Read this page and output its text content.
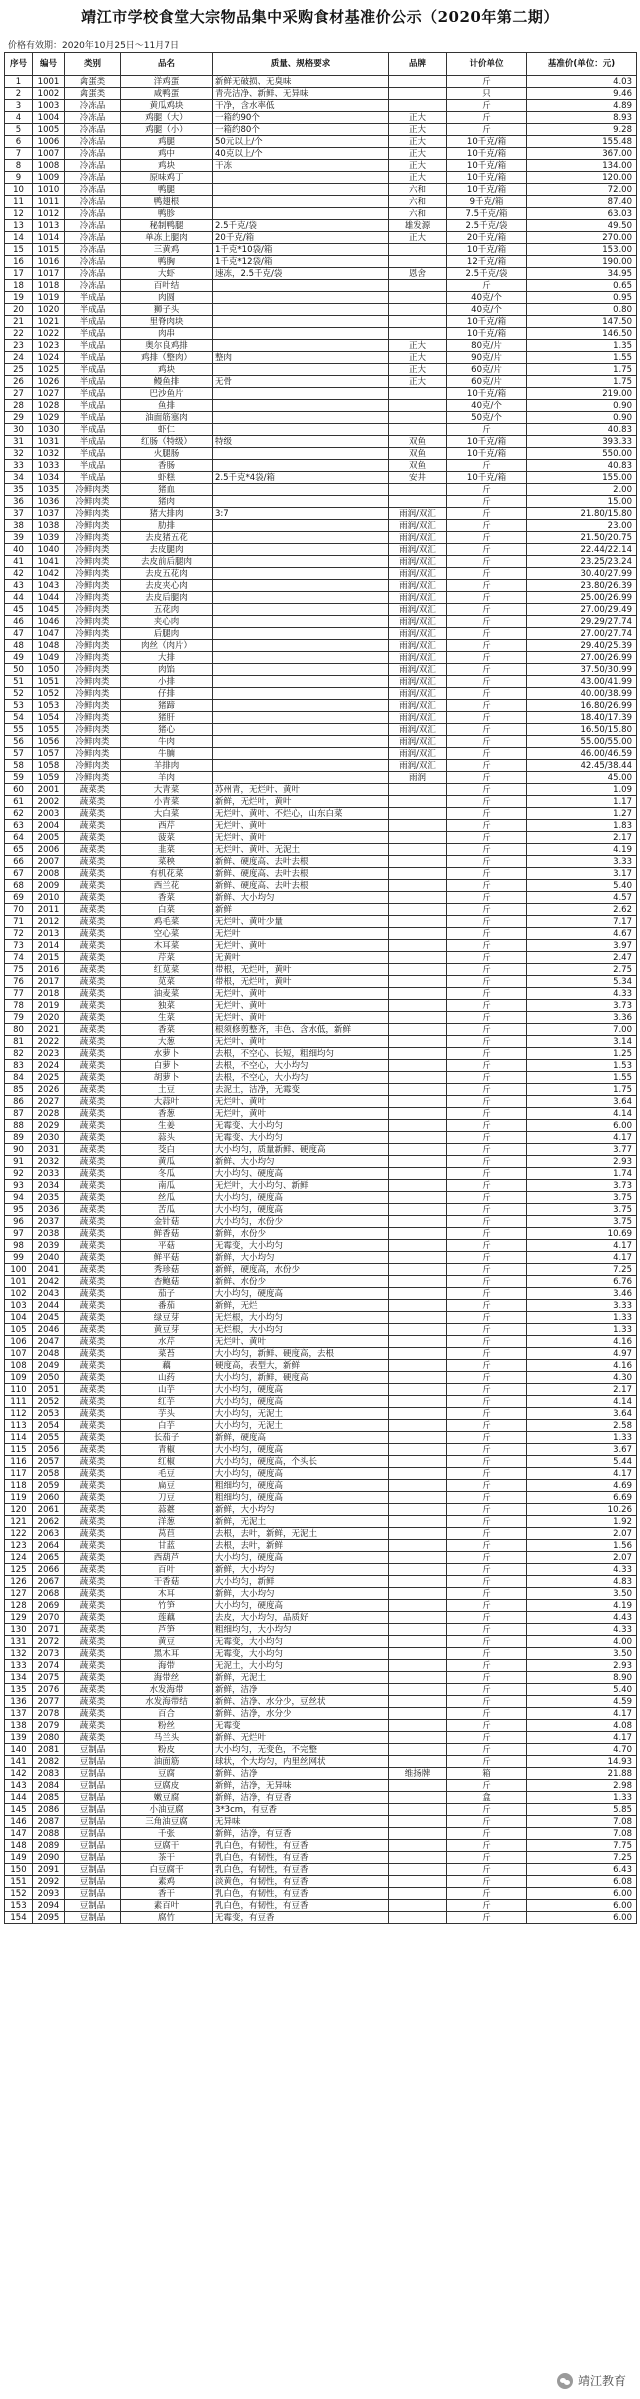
靖江市学校食堂大宗物品集中采购食材基准价公示（2020年第二期）
价格有效期：2020年10月25日～11月7日
序号	编号	类别	品名	质量、规格要求	品牌	计价单位	基准价(单位：元)
1	1001	禽蛋类	洋鸡蛋	新鲜无破损、无臭味		斤	4.03
2	1002	禽蛋类	咸鸭蛋	青壳洁净、新鲜、无异味		只	9.46
3	1003	冷冻品	黄瓜鸡块	干净，含水率低		斤	4.89
4	1004	冷冻品	鸡腿（大）	一箱约90个	正大	斤	8.93
5	1005	冷冻品	鸡腿（小）	一箱约80个	正大	斤	9.28
6	1006	冷冻品	鸡腿	50元以上/个	正大	10千克/箱	155.48
7	1007	冷冻品	鸡中	40克以上/个	正大	10千克/箱	367.00
8	1008	冷冻品	鸡块	干冻	正大	10千克/箱	134.00
9	1009	冷冻品	原味鸡丁		正大	10千克/箱	120.00
10	1010	冷冻品	鸭腿		六和	10千克/箱	72.00
11	1011	冷冻品	鸭翅根		六和	9千克/箱	87.40
12	1012	冷冻品	鸭胗		六和	7.5千克/箱	63.03
13	1013	冷冻品	秘制鸭腿	2.5千克/袋	雄发源	2.5千克/袋	49.50
14	1014	冷冻品	单冻上腿肉	20千克/箱	正大	20千克/箱	270.00
15	1015	冷冻品	三黄鸡	1千克*10袋/箱		10千克/箱	153.00
16	1016	冷冻品	鸭胸	1千克*12袋/箱		12千克/箱	190.00
17	1017	冷冻品	大虾	速冻，2.5千克/袋	恩舍	2.5千克/袋	34.95
18	1018	冷冻品	百叶结			斤	0.65
19	1019	半成品	肉圆			40克/个	0.95
20	1020	半成品	狮子头			40克/个	0.80
21	1021	半成品	里脊肉块			10千克/箱	147.50
22	1022	半成品	肉串			10千克/箱	146.50
23	1023	半成品	奥尔良鸡排		正大	80克/片	1.35
24	1024	半成品	鸡排（整肉）	整肉	正大	90克/片	1.55
25	1025	半成品	鸡块		正大	60克/片	1.75
26	1026	半成品	鳗鱼排	无骨	正大	60克/片	1.75
27	1027	半成品	巴沙鱼片			10千克/箱	219.00
28	1028	半成品	鱼排			40克/个	0.90
29	1029	半成品	油面筋塞肉			50克/个	0.90
30	1030	半成品	虾仁			斤	40.83
31	1031	半成品	红肠（特级）	特级	双鱼	10千克/箱	393.33
32	1032	半成品	火腿肠		双鱼	10千克/箱	550.00
33	1033	半成品	香肠		双鱼	斤	40.83
34	1034	半成品	虾糕	2.5千克*4袋/箱	安井	10千克/箱	155.00
35	1035	冷鲜肉类	猪血			斤	2.00
36	1036	冷鲜肉类	猪肉			斤	15.00
37	1037	冷鲜肉类	猪大排肉	3:7	雨润/双汇	斤	21.80/15.80
38	1038	冷鲜肉类	肋排		雨润/双汇	斤	23.00
39	1039	冷鲜肉类	去皮猪五花		雨润/双汇	斤	21.50/20.75
40	1040	冷鲜肉类	去皮腿肉		雨润/双汇	斤	22.44/22.14
41	1041	冷鲜肉类	去皮前后腿肉		雨润/双汇	斤	23.25/23.24
42	1042	冷鲜肉类	去皮五花肉		雨润/双汇	斤	30.40/27.99
43	1043	冷鲜肉类	去皮夹心肉		雨润/双汇	斤	23.80/26.39
44	1044	冷鲜肉类	去皮后腿肉		雨润/双汇	斤	25.00/26.99
45	1045	冷鲜肉类	五花肉		雨润/双汇	斤	27.00/29.49
46	1046	冷鲜肉类	夹心肉		雨润/双汇	斤	29.29/27.74
47	1047	冷鲜肉类	后腿肉		雨润/双汇	斤	27.00/27.74
48	1048	冷鲜肉类	肉丝（肉片）		雨润/双汇	斤	29.40/25.39
49	1049	冷鲜肉类	大排		雨润/双汇	斤	27.00/26.99
50	1050	冷鲜肉类	肉馅		雨润/双汇	斤	37.50/30.99
51	1051	冷鲜肉类	小排		雨润/双汇	斤	43.00/41.99
52	1052	冷鲜肉类	仔排		雨润/双汇	斤	40.00/38.99
53	1053	冷鲜肉类	猪蹄		雨润/双汇	斤	16.80/26.99
54	1054	冷鲜肉类	猪肝		雨润/双汇	斤	18.40/17.39
55	1055	冷鲜肉类	猪心		雨润/双汇	斤	16.50/15.80
56	1056	冷鲜肉类	牛肉		雨润/双汇	斤	55.00/55.00
57	1057	冷鲜肉类	牛腩		雨润/双汇	斤	46.00/46.59
58	1058	冷鲜肉类	羊排肉		雨润/双汇	斤	42.45/38.44
59	1059	冷鲜肉类	羊肉		雨润	斤	45.00
60	2001	蔬菜类	大青菜	苏州青，无烂叶、黄叶		斤	1.09
61	2002	蔬菜类	小青菜	新鲜，无烂叶，黄叶		斤	1.17
62	2003	蔬菜类	大白菜	无烂叶、黄叶、不烂心，山东白菜		斤	1.27
63	2004	蔬菜类	西芹	无烂叶、黄叶		斤	1.83
64	2005	蔬菜类	菠菜	无烂叶、黄叶		斤	2.17
65	2006	蔬菜类	韭菜	无烂叶、黄叶、无泥土		斤	4.19
66	2007	蔬菜类	菜秧	新鲜、硬度高、去叶去根		斤	3.33
67	2008	蔬菜类	有机花菜	新鲜、硬度高、去叶去根		斤	3.17
68	2009	蔬菜类	西兰花	新鲜、硬度高、去叶去根		斤	5.40
69	2010	蔬菜类	香菜	新鲜、大小均匀		斤	4.57
70	2011	蔬菜类	白菜	新鲜		斤	2.62
71	2012	蔬菜类	鸡毛菜	无烂叶、黄叶少量		斤	7.17
72	2013	蔬菜类	空心菜	无烂叶		斤	4.67
73	2014	蔬菜类	木耳菜	无烂叶、黄叶		斤	3.97
74	2015	蔬菜类	芹菜	无黄叶		斤	2.47
75	2016	蔬菜类	红苋菜	带根，无烂叶，黄叶		斤	2.75
76	2017	蔬菜类	苋菜	带根，无烂叶，黄叶		斤	5.34
77	2018	蔬菜类	油麦菜	无烂叶、黄叶		斤	4.33
78	2019	蔬菜类	独菜	无烂叶、黄叶		斤	3.73
79	2020	蔬菜类	生菜	无烂叶、黄叶		斤	3.36
80	2021	蔬菜类	香菜	根须修剪整齐，丰色、含水低，新鲜		斤	7.00
81	2022	蔬菜类	大葱	无烂叶、黄叶		斤	3.14
82	2023	蔬菜类	水萝卜	去根，不空心、长短，粗细均匀		斤	1.25
83	2024	蔬菜类	白萝卜	去根，不空心，大小均匀		斤	1.53
84	2025	蔬菜类	胡萝卜	去根，不空心，大小均匀		斤	1.55
85	2026	蔬菜类	土豆	去泥土，洁净，无霉变		斤	1.75
86	2027	蔬菜类	大蒜叶	无烂叶、黄叶		斤	3.64
87	2028	蔬菜类	香葱	无烂叶，黄叶		斤	4.14
88	2029	蔬菜类	生姜	无霉变、大小均匀		斤	6.00
89	2030	蔬菜类	蒜头	无霉变、大小均匀		斤	4.17
90	2031	蔬菜类	茭白	大小均匀，质量新鲜、硬度高		斤	3.77
91	2032	蔬菜类	黄瓜	新鲜、大小均匀		斤	2.93
92	2033	蔬菜类	冬瓜	大小均匀、硬度高		斤	1.74
93	2034	蔬菜类	南瓜	无烂叶，大小均匀、新鲜		斤	3.73
94	2035	蔬菜类	丝瓜	大小均匀，硬度高		斤	3.75
95	2036	蔬菜类	苦瓜	大小均匀，硬度高		斤	3.75
96	2037	蔬菜类	金针菇	大小均匀，水份少		斤	3.75
97	2038	蔬菜类	鲜香菇	新鲜，水份少		斤	10.69
98	2039	蔬菜类	平菇	无霉变，大小均匀		斤	4.17
99	2040	蔬菜类	鲜平菇	新鲜，大小均匀		斤	4.17
100	2041	蔬菜类	秀珍菇	新鲜，硬度高，水份少		斤	7.25
101	2042	蔬菜类	杏鲍菇	新鲜、水份少		斤	6.76
102	2043	蔬菜类	茄子	大小均匀，硬度高		斤	3.46
103	2044	蔬菜类	番茄	新鲜，无烂		斤	3.33
104	2045	蔬菜类	绿豆芽	无烂根，大小均匀		斤	1.33
105	2046	蔬菜类	黄豆芽	无烂根，大小均匀		斤	1.33
106	2047	蔬菜类	水芹	无烂叶、黄叶		斤	4.16
107	2048	蔬菜类	菜苔	大小均匀，新鲜、硬度高，去根		斤	4.97
108	2049	蔬菜类	藕	硬度高，表型大，新鲜		斤	4.16
109	2050	蔬菜类	山药	大小均匀，新鲜，硬度高		斤	4.30
110	2051	蔬菜类	山芋	大小均匀，硬度高		斤	2.17
111	2052	蔬菜类	红芋	大小均匀，硬度高		斤	4.14
112	2053	蔬菜类	芋头	大小均匀，无泥土		斤	3.64
113	2054	蔬菜类	白芋	大小均匀，无泥土		斤	2.58
114	2055	蔬菜类	长茄子	新鲜，硬度高		斤	1.33
115	2056	蔬菜类	青椒	大小均匀，硬度高		斤	3.67
116	2057	蔬菜类	红椒	大小均匀，硬度高，个头长		斤	5.44
117	2058	蔬菜类	毛豆	大小均匀，硬度高		斤	4.17
118	2059	蔬菜类	扁豆	粗细均匀，硬度高		斤	4.69
119	2060	蔬菜类	刀豆	粗细均匀，硬度高		斤	6.69
120	2061	蔬菜类	蒜薹	新鲜，大小均匀		斤	10.26
121	2062	蔬菜类	洋葱	新鲜，无泥土		斤	1.92
122	2063	蔬菜类	莴苣	去根，去叶，新鲜，无泥土		斤	2.07
123	2064	蔬菜类	甘蓝	去根，去叶，新鲜		斤	1.56
124	2065	蔬菜类	西葫芦	大小均匀，硬度高		斤	2.07
125	2066	蔬菜类	百叶	新鲜，大小均匀		斤	4.33
126	2067	蔬菜类	干香菇	大小均匀，新鲜		斤	4.83
127	2068	蔬菜类	木耳	新鲜，大小均匀		斤	3.50
128	2069	蔬菜类	竹笋	大小均匀，硬度高		斤	4.19
129	2070	蔬菜类	莲藕	去皮，大小均匀，品质好		斤	4.43
130	2071	蔬菜类	芦笋	粗细均匀，大小均匀		斤	4.33
131	2072	蔬菜类	黄豆	无霉变，大小均匀		斤	4.00
132	2073	蔬菜类	黑木耳	无霉变，大小均匀		斤	3.50
133	2074	蔬菜类	海带	无泥土，大小均匀		斤	2.93
134	2075	蔬菜类	海带丝	新鲜，无泥土		斤	8.90
135	2076	蔬菜类	水发海带	新鲜，洁净		斤	5.40
136	2077	蔬菜类	水发海带结	新鲜、洁净、水分少，豆丝状		斤	4.59
137	2078	蔬菜类	百合	新鲜、洁净，水分少		斤	4.17
138	2079	蔬菜类	粉丝	无霉变		斤	4.08
139	2080	蔬菜类	马兰头	新鲜、无烂叶		斤	4.17
140	2081	豆制品	粉皮	大小均匀，无变色，不完整		斤	4.70
141	2082	豆制品	油面筋	球状，个大均匀，内里丝网状		斤	14.93
142	2083	豆制品	豆腐	新鲜、洁净	维扬牌	箱	21.88
143	2084	豆制品	豆腐皮	新鲜，洁净，无异味		斤	2.98
144	2085	豆制品	嫩豆腐	新鲜，洁净，有豆香		盒	1.33
145	2086	豆制品	小油豆腐	3*3cm，有豆香		斤	5.85
146	2087	豆制品	三角油豆腐	无异味		斤	7.08
147	2088	豆制品	千张	新鲜，洁净，有豆香		斤	7.08
148	2089	豆制品	豆腐干	乳白色，有韧性，有豆香		斤	7.75
149	2090	豆制品	茶干	乳白色，有韧性，有豆香		斤	7.25
150	2091	豆制品	白豆腐干	乳白色，有韧性，有豆香		斤	6.43
151	2092	豆制品	素鸡	淡黄色，有韧性，有豆香		斤	6.08
152	2093	豆制品	香干	乳白色，有韧性，有豆香		斤	6.00
153	2094	豆制品	素百叶	乳白色，有韧性，有豆香		斤	6.00
154	2095	豆制品	腐竹	无霉变，有豆香		斤	6.00
靖江教育
